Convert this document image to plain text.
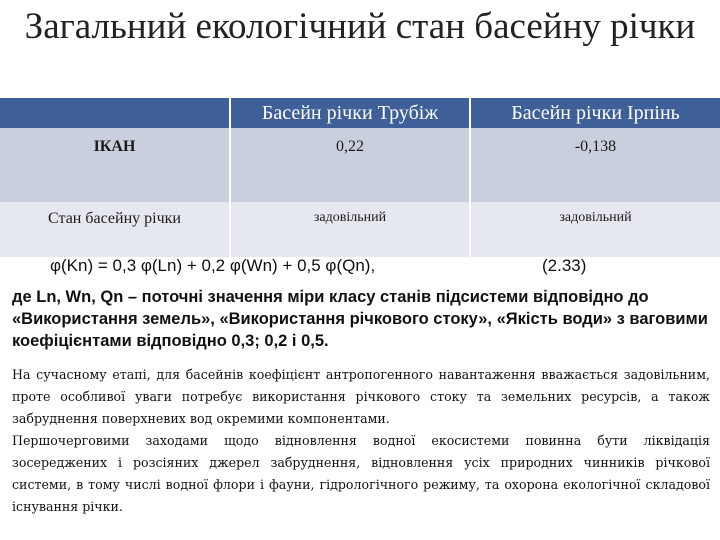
Загальний екологічний стан басейну річки
	Басейн річки Трубіж	Басейн річки Ірпінь
ІКАН	0,22	-0,138
Стан басейну річки	задовільний	задовільний
φ(Kn) = 0,3 φ(Ln) + 0,2 φ(Wn) + 0,5 φ(Qn),	(2.33)
де Ln, Wn, Qn – поточні значення міри класу станів підсистеми відповідно до «Використання земель», «Використання річкового стоку», «Якість води» з ваговими коефіцієнтами відповідно 0,3; 0,2 і 0,5.

На сучасному етапі, для басейнів коефіцієнт антропогенного навантаження вважається задовільним, проте особливої уваги потребує використання річкового стоку та земельних ресурсів, а також забруднення поверхневих вод окремими компонентами.

Першочерговими заходами щодо відновлення водної екосистеми повинна бути ліквідація зосереджених і розсіяних джерел забруднення, відновлення усіх природних чинників річкової системи, в тому числі водної флори і фауни, гідрологічного режиму, та охорона екологічної складової існування річки.
